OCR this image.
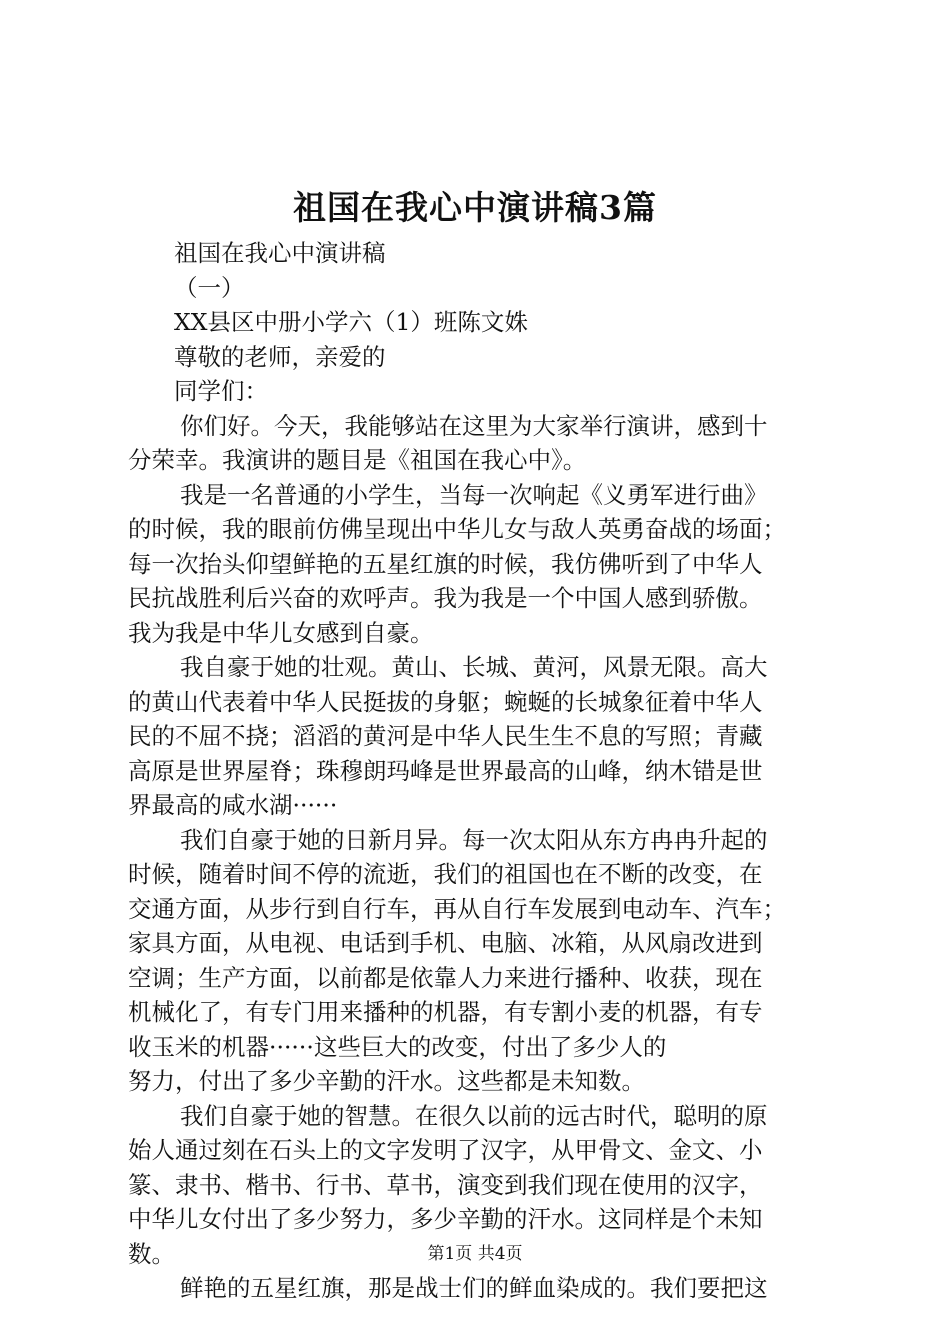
祖国在我心中演讲稿3篇

祖国在我心中演讲稿

（一）

XX县区中册小学六（1）班陈文姝

尊敬的老师，亲爱的

同学们：

你们好。今天，我能够站在这里为大家举行演讲，感到十

分荣幸。我演讲的题目是《祖国在我心中》。

我是一名普通的小学生，当每一次响起《义勇军进行曲》

的时候，我的眼前仿佛呈现出中华儿女与敌人英勇奋战的场面；

每一次抬头仰望鲜艳的五星红旗的时候，我仿佛听到了中华人

民抗战胜利后兴奋的欢呼声。我为我是一个中国人感到骄傲。

我为我是中华儿女感到自豪。

我自豪于她的壮观。黄山、长城、黄河，风景无限。高大

的黄山代表着中华人民挺拔的身躯；蜿蜒的长城象征着中华人

民的不屈不挠；滔滔的黄河是中华人民生生不息的写照；青藏

高原是世界屋脊；珠穆朗玛峰是世界最高的山峰，纳木错是世

界最高的咸水湖······

我们自豪于她的日新月异。每一次太阳从东方冉冉升起的

时候，随着时间不停的流逝，我们的祖国也在不断的改变，在

交通方面，从步行到自行车，再从自行车发展到电动车、汽车；

家具方面，从电视、电话到手机、电脑、冰箱，从风扇改进到

空调；生产方面，以前都是依靠人力来进行播种、收获，现在

机械化了，有专门用来播种的机器，有专割小麦的机器，有专

收玉米的机器······这些巨大的改变，付出了多少人的

努力，付出了多少辛勤的汗水。这些都是未知数。

我们自豪于她的智慧。在很久以前的远古时代，聪明的原

始人通过刻在石头上的文字发明了汉字，从甲骨文、金文、小

篆、隶书、楷书、行书、草书，演变到我们现在使用的汉字，

中华儿女付出了多少努力，多少辛勤的汗水。这同样是个未知

数。

鲜艳的五星红旗，那是战士们的鲜血染成的。我们要把这

第1页 共4页
